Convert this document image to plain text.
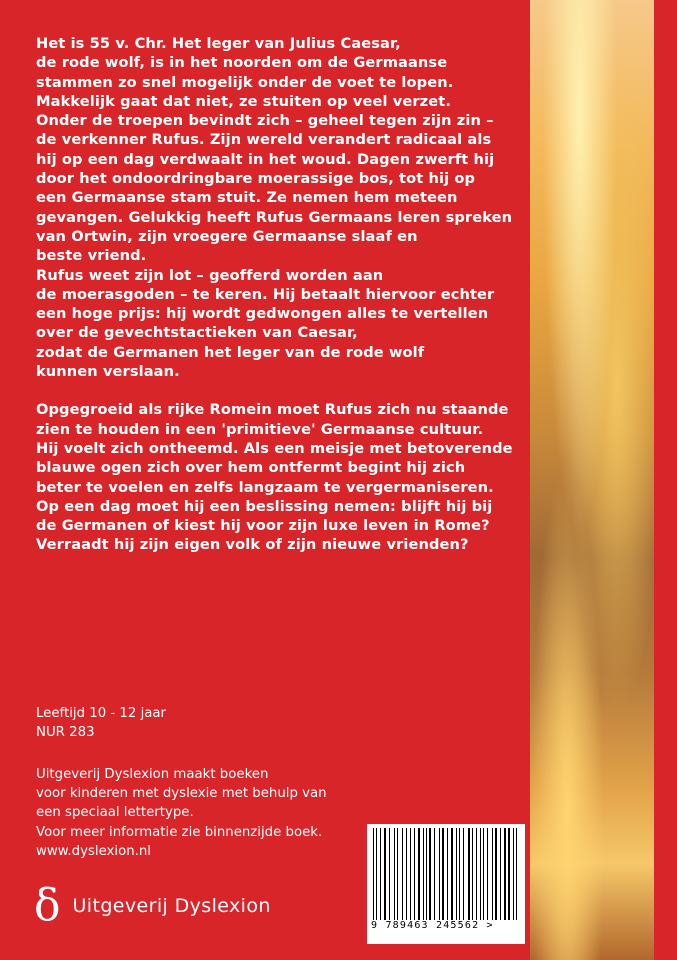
Het is 55 v. Chr. Het leger van Julius Caesar,
de rode wolf, is in het noorden om de Germaanse
stammen zo snel mogelijk onder de voet te lopen.
Makkelijk gaat dat niet, ze stuiten op veel verzet.
Onder de troepen bevindt zich – geheel tegen zijn zin –
de verkenner Rufus. Zijn wereld verandert radicaal als
hij op een dag verdwaalt in het woud. Dagen zwerft hij
door het ondoordringbare moerassige bos, tot hij op
een Germaanse stam stuit. Ze nemen hem meteen
gevangen. Gelukkig heeft Rufus Germaans leren spreken
van Ortwin, zijn vroegere Germaanse slaaf en
beste vriend.
Rufus weet zijn lot – geofferd worden aan
de moerasgoden – te keren. Hij betaalt hiervoor echter
een hoge prijs: hij wordt gedwongen alles te vertellen
over de gevechtstactieken van Caesar,
zodat de Germanen het leger van de rode wolf
kunnen verslaan.

Opgegroeid als rijke Romein moet Rufus zich nu staande
zien te houden in een 'primitieve' Germaanse cultuur.
Hij voelt zich ontheemd. Als een meisje met betoverende
blauwe ogen zich over hem ontfermt begint hij zich
beter te voelen en zelfs langzaam te vergermaniseren.
Op een dag moet hij een beslissing nemen: blijft hij bij
de Germanen of kiest hij voor zijn luxe leven in Rome?
Verraadt hij zijn eigen volk of zijn nieuwe vrienden?

Leeftijd 10 - 12 jaar
NUR 283
Uitgeverij Dyslexion maakt boeken
voor kinderen met dyslexie met behulp van
een speciaal lettertype.
Voor meer informatie zie binnenzijde boek.
www.dyslexion.nl
δ Uitgeverij Dyslexion
9 789463 245562 >
